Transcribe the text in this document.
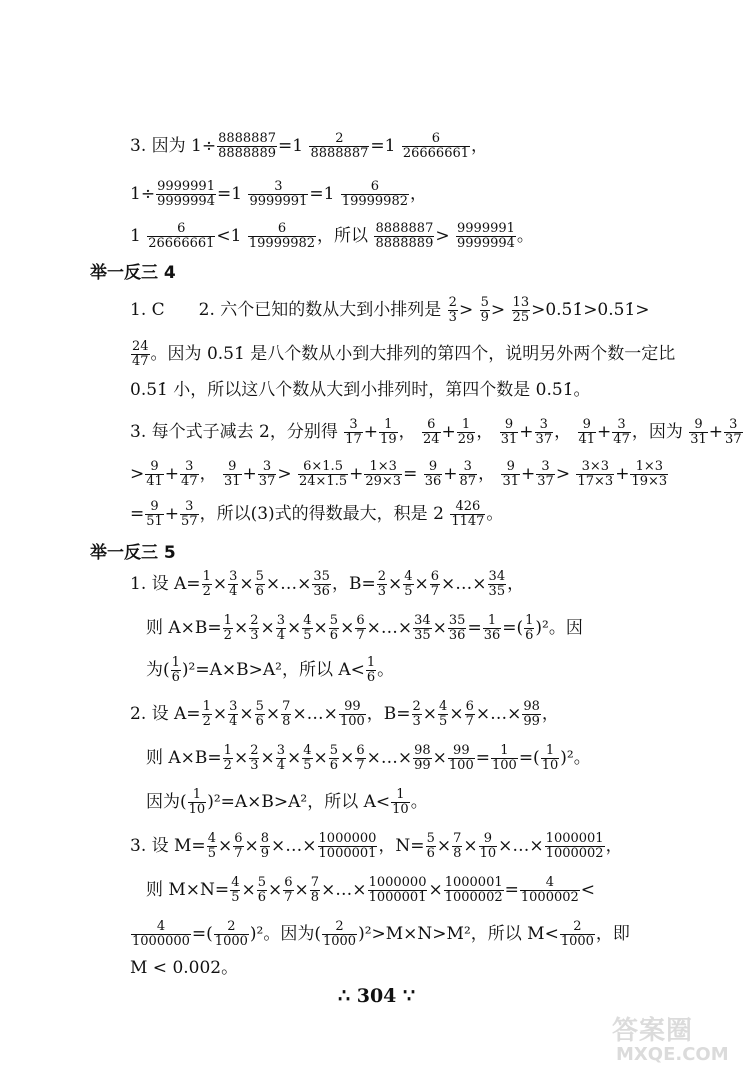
3. 因为 $1\div \frac{8888887}{8888889} =1 \frac{2}{8888887} =1 \frac{6}{26666661}$ ，
$1\div \frac{9999991}{9999994} =1 \frac{3}{9999991} =1 \frac{6}{19999982}$ ，
$1 \frac{6}{26666661} <1 \frac{6}{19999982}$ ，所以 $\frac{8888887}{8888889} > \frac{9999991}{9999994}$ 。
举一反三 4
1. C　　2. 六个已知的数从大到小排列是 $\frac{2}{3} > \frac{5}{9} > \frac{13}{25}$ >0.5̇1̇>0.51̇>
$\frac{24}{47}$ 。因为 0.51̇ 是八个数从小到大排列的第四个，说明另外两个数一定比
0.51̇ 小，所以这八个数从大到小排列时，第四个数是 0.5̇1̇。
3. 每个式子减去 2，分别得 $\frac{3}{17} + \frac{1}{19}$ ， $\frac{6}{24} + \frac{1}{29}$ ， $\frac{9}{31} + \frac{3}{37}$ ， $\frac{9}{41} + \frac{3}{47}$ ，因为 $\frac{9}{31} + \frac{3}{37}$
> $\frac{9}{41} + \frac{3}{47}$ ， $\frac{9}{31} + \frac{3}{37} > \frac{6\times 1.5}{24\times 1.5} + \frac{1\times 3}{29\times 3} = \frac{9}{36} + \frac{3}{87}$ ， $\frac{9}{31} + \frac{3}{37} > \frac{3\times 3}{17\times 3} + \frac{1\times 3}{19\times 3}$
= $\frac{9}{51} + \frac{3}{57}$ ，所以(3)式的得数最大，积是 $2 \frac{426}{1147}$ 。
举一反三 5
1. 设 $A= \frac{1}{2} \times \frac{3}{4} \times \frac{5}{6}$ ×…× $\frac{35}{36}$ ，$B= \frac{2}{3} \times \frac{4}{5} \times \frac{6}{7}$ ×…× $\frac{34}{35}$ ，
则 $A\times B= \frac{1}{2} \times \frac{2}{3} \times \frac{3}{4} \times \frac{4}{5} \times \frac{5}{6} \times \frac{6}{7}$ ×…× $\frac{34}{35} \times \frac{35}{36} = \frac{1}{36}$ =( $\frac{1}{6} )^2$。因
为( $\frac{1}{6} )^2=A\times B>A^2$，所以 $A< \frac{1}{6}$ 。
2. 设 $A= \frac{1}{2} \times \frac{3}{4} \times \frac{5}{6} \times \frac{7}{8}$ ×…× $\frac{99}{100}$ ，$B= \frac{2}{3} \times \frac{4}{5} \times \frac{6}{7}$ ×…× $\frac{98}{99}$ ，
则 $A\times B= \frac{1}{2} \times \frac{2}{3} \times \frac{3}{4} \times \frac{4}{5} \times \frac{5}{6} \times \frac{6}{7}$ ×…× $\frac{98}{99} \times \frac{99}{100} = \frac{1}{100}$ =( $\frac{1}{10} )^2$。
因为( $\frac{1}{10} )^2=A\times B>A^2$，所以 $A< \frac{1}{10}$ 。
3. 设 $M= \frac{4}{5} \times \frac{6}{7} \times \frac{8}{9}$ ×…× $\frac{1000000}{1000001}$ ，$N= \frac{5}{6} \times \frac{7}{8} \times \frac{9}{10}$ ×…× $\frac{1000001}{1000002}$ ，
则 $M\times N= \frac{4}{5} \times \frac{5}{6} \times \frac{6}{7} \times \frac{7}{8}$ ×…× $\frac{1000000}{1000001} \times \frac{1000001}{1000002} = \frac{4}{1000002}$ <
$\frac{4}{1000000}$ =( $\frac{2}{1000} )^2$。因为( $\frac{2}{1000} )^2>M\times N>M^2$，所以 $M< \frac{2}{1000}$ ，即
M < 0.002。
∴ 304 ∵
答案圈
MXQE.COM
